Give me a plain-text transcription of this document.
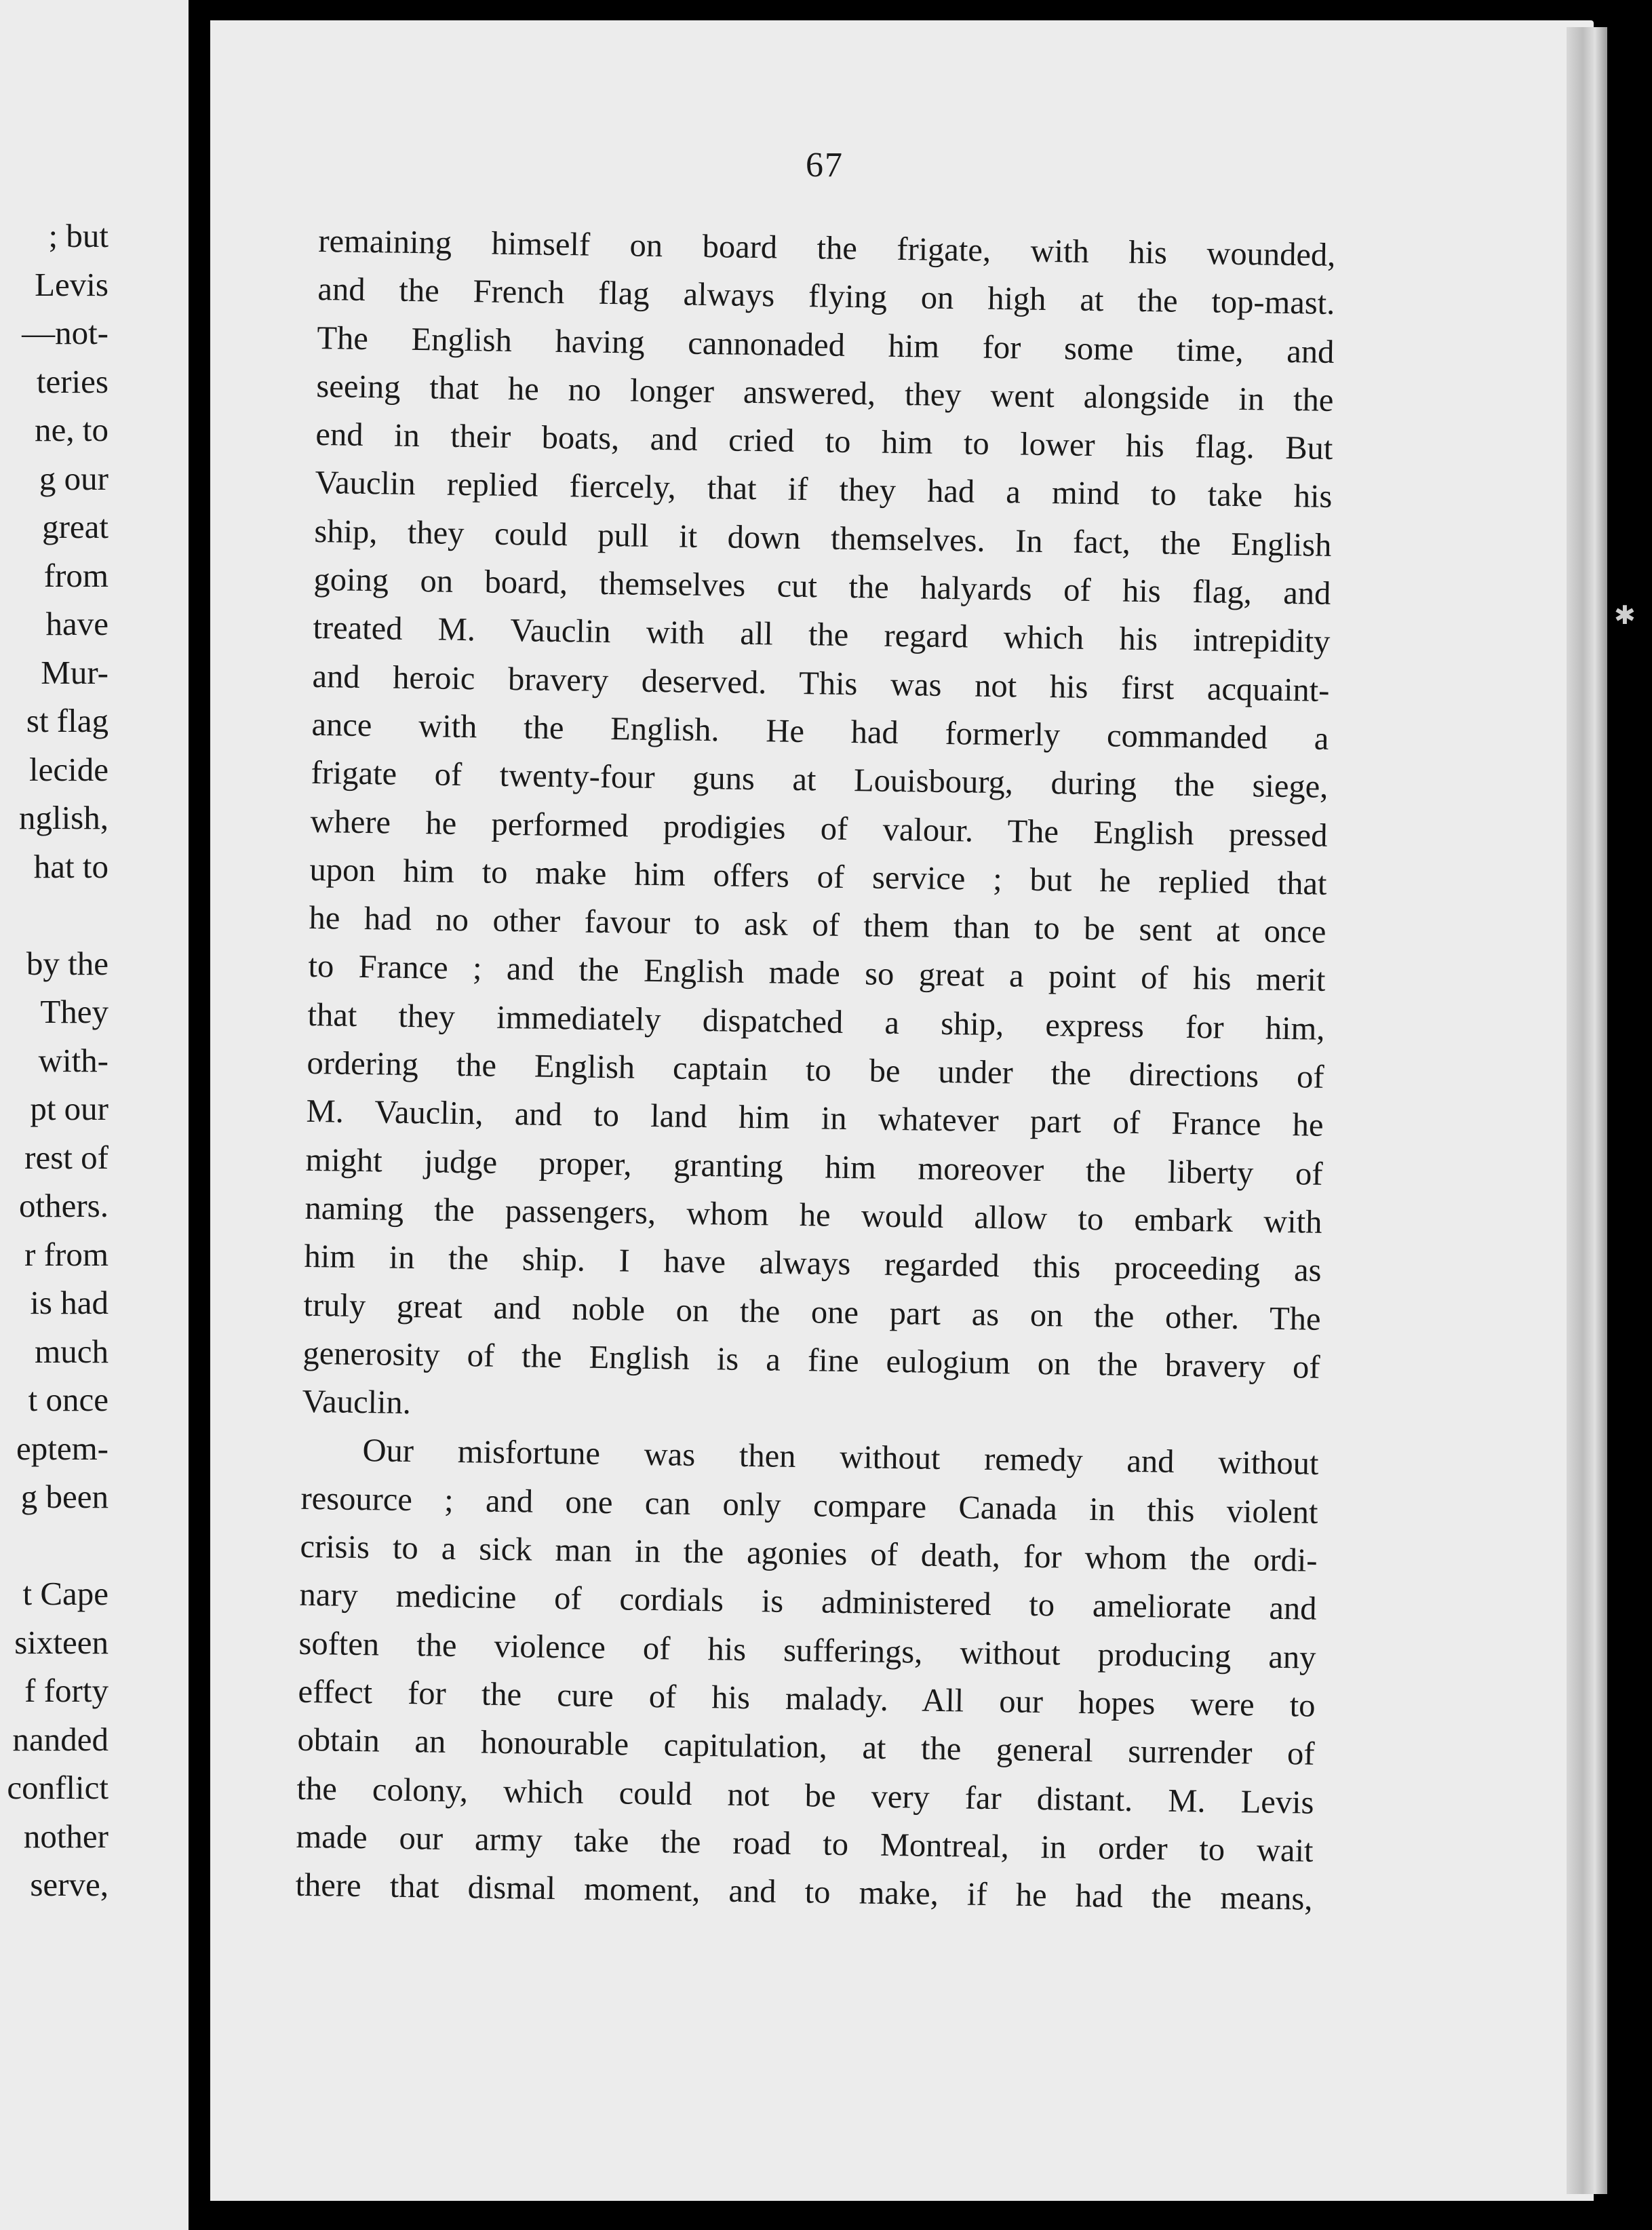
; but
Levis
—not-
teries
ne, to
g our
great
from
have
Mur-
st flag
lecide
nglish,
hat to
by the
They
with-
pt our
rest of
others.
r from
is had
much
t once
eptem-
g been
t Cape
sixteen
f forty
nanded
conflict
nother
serve,
✱
67
remaining himself on board the frigate, with his wounded,
and the French flag always flying on high at the top-mast.
The English having cannonaded him for some time, and
seeing that he no longer answered, they went alongside in the
end in their boats, and cried to him to lower his flag. But
Vauclin replied fiercely, that if they had a mind to take his
ship, they could pull it down themselves. In fact, the English
going on board, themselves cut the halyards of his flag, and
treated M. Vauclin with all the regard which his intrepidity
and heroic bravery deserved. This was not his first acquaint-
ance with the English. He had formerly commanded a
frigate of twenty-four guns at Louisbourg, during the siege,
where he performed prodigies of valour. The English pressed
upon him to make him offers of service ; but he replied that
he had no other favour to ask of them than to be sent at once
to France ; and the English made so great a point of his merit
that they immediately dispatched a ship, express for him,
ordering the English captain to be under the directions of
M. Vauclin, and to land him in whatever part of France he
might judge proper, granting him moreover the liberty of
naming the passengers, whom he would allow to embark with
him in the ship. I have always regarded this proceeding as
truly great and noble on the one part as on the other. The
generosity of the English is a fine eulogium on the bravery of
Vauclin.
Our misfortune was then without remedy and without
resource ; and one can only compare Canada in this violent
crisis to a sick man in the agonies of death, for whom the ordi-
nary medicine of cordials is administered to ameliorate and
soften the violence of his sufferings, without producing any
effect for the cure of his malady. All our hopes were to
obtain an honourable capitulation, at the general surrender of
the colony, which could not be very far distant. M. Levis
made our army take the road to Montreal, in order to wait
there that dismal moment, and to make, if he had the means,
